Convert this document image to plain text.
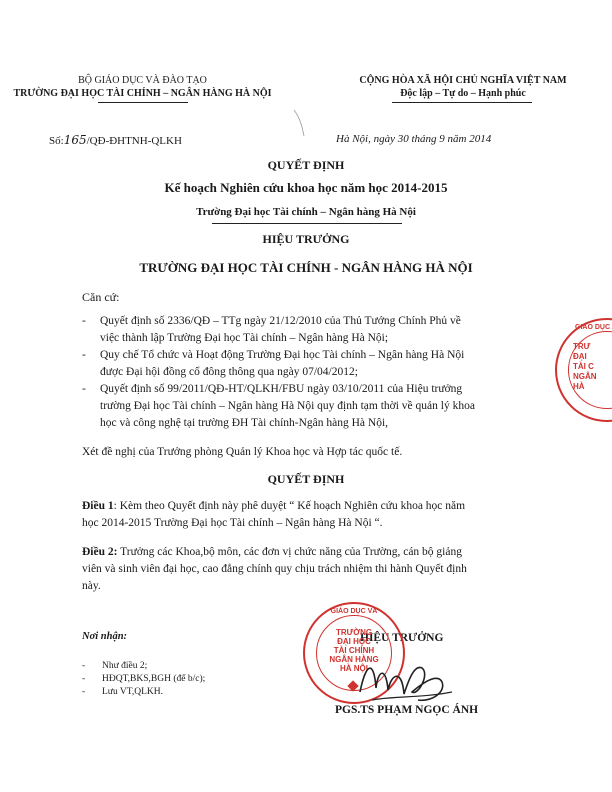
BỘ GIÁO DỤC VÀ ĐÀO TẠO
TRƯỜNG ĐẠI HỌC TÀI CHÍNH – NGÂN HÀNG HÀ NỘI
CỘNG HÒA XÃ HỘI CHỦ NGHĨA VIỆT NAM
Độc lập – Tự do – Hạnh phúc
Số:165/QĐ-ĐHTNH-QLKH	Hà Nội, ngày 30 tháng 9 năm 2014
QUYẾT ĐỊNH
Kế hoạch Nghiên cứu khoa học năm học 2014-2015
Trường Đại học Tài chính – Ngân hàng Hà Nội
HIỆU TRƯỞNG
TRƯỜNG ĐẠI HỌC TÀI CHÍNH - NGÂN HÀNG HÀ NỘI
Căn cứ:
- Quyết định số 2336/QĐ – TTg ngày 21/12/2010 của Thủ Tướng Chính Phủ về
việc thành lập Trường Đại học Tài chính – Ngân hàng Hà Nội;
- Quy chế Tổ chức và Hoạt động Trường Đại học Tài chính – Ngân hàng Hà Nội
được Đại hội đồng cổ đông thông qua ngày 07/04/2012;
- Quyết định số 99/2011/QĐ-HT/QLKH/FBU ngày 03/10/2011 của Hiệu trưởng
trường Đại học Tài chính – Ngân hàng Hà Nội quy định tạm thời về quản lý khoa
học và công nghệ tại trường ĐH Tài chính-Ngân hàng Hà Nội,
Xét đề nghị của Trưởng phòng Quản lý Khoa học và Hợp tác quốc tế.
QUYẾT ĐỊNH
Điều 1: Kèm theo Quyết định này phê duyệt “ Kế hoạch Nghiên cứu khoa học năm
học 2014-2015 Trường Đại học Tài chính – Ngân hàng Hà Nội “.
Điều 2: Trưởng các Khoa,bộ môn, các đơn vị chức năng của Trường, cán bộ giảng
viên và sinh viên đại học, cao đẳng chính quy chịu trách nhiệm thi hành Quyết định
này.
Nơi nhận:
- Như điều 2;
- HĐQT,BKS,BGH (để b/c);
- Lưu VT,QLKH.
HIỆU TRƯỞNG
GIÁO DỤC VÀ
TRƯỜNG
ĐẠI HỌC
TÀI CHÍNH
NGÂN HÀNG
HÀ NỘI
PGS.TS PHẠM NGỌC ÁNH
GIÁO DỤC
TRƯ
ĐẠI
TÀI C
NGÂN
HÀ
